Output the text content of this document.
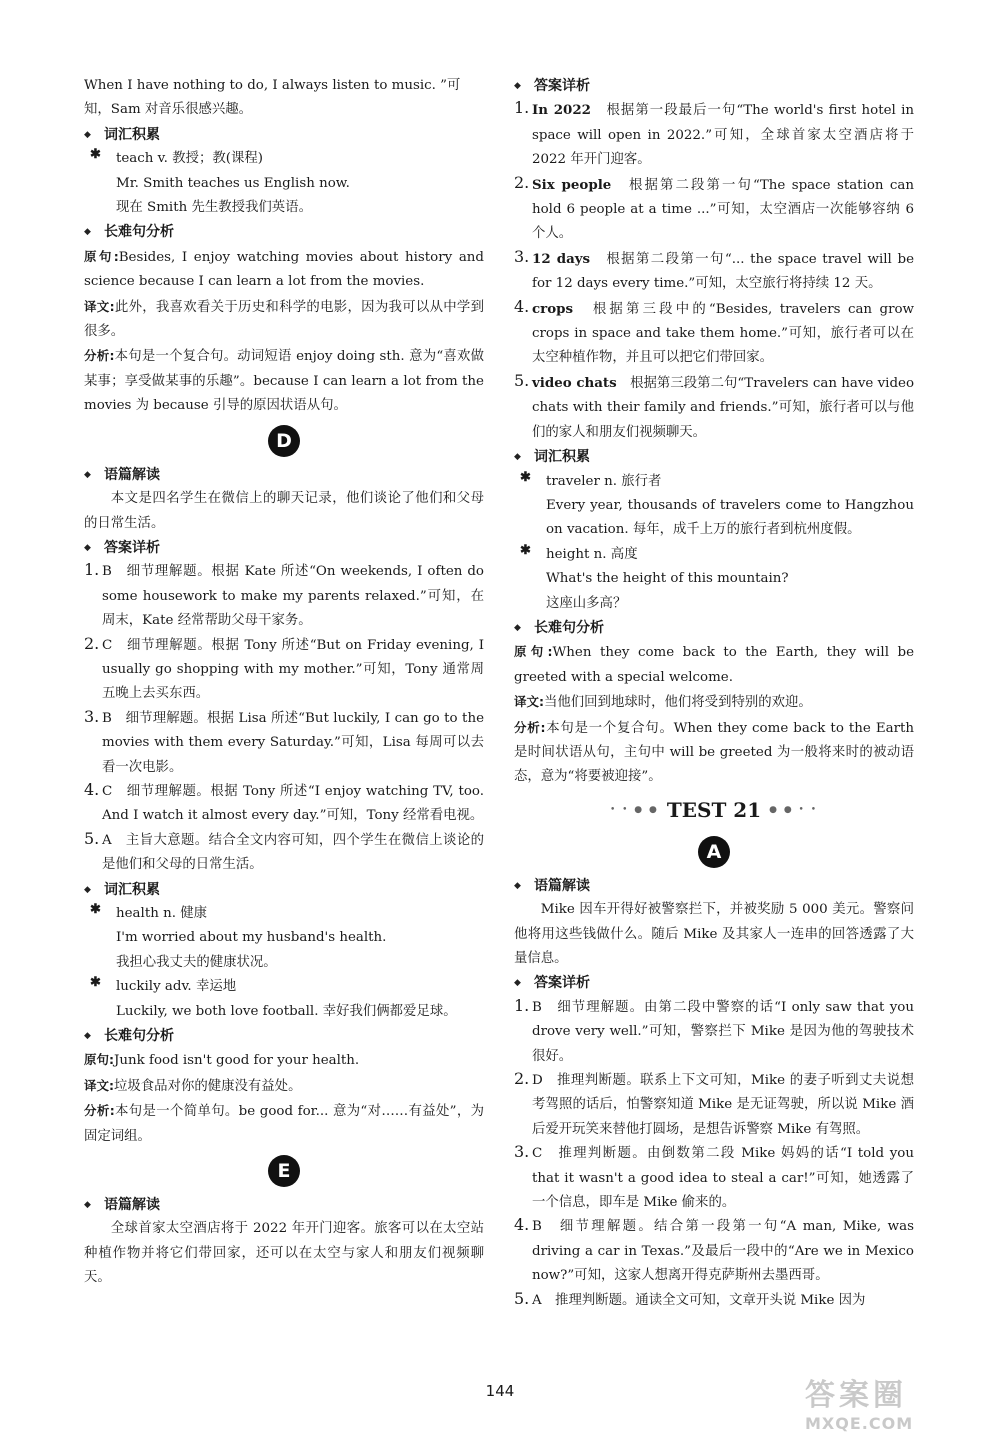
When I have nothing to do, I always listen to music. ”可

知，Sam 对音乐很感兴趣。

◆ 词汇积累
✱	teach v. 教授；教(课程)

Mr. Smith teaches us English now.

现在 Smith 先生教授我们英语。

◆ 长难句分析

原句:Besides, I enjoy watching movies about history and science because I can learn a lot from the movies.

译文:此外，我喜欢看关于历史和科学的电影，因为我可以从中学到很多。

分析:本句是一个复合句。动词短语 enjoy doing sth. 意为“喜欢做某事；享受做某事的乐趣”。because I can learn a lot from the movies 为 because 引导的原因状语从句。

D
◆ 语篇解读

本文是四名学生在微信上的聊天记录，他们谈论了他们和父母的日常生活。

◆ 答案详析
1. B　细节理解题。根据 Kate 所述“On weekends, I often do some housework to make my parents relaxed.”可知，在周末，Kate 经常帮助父母干家务。

2. C　细节理解题。根据 Tony 所述“But on Friday evening, I usually go shopping with my mother.”可知，Tony 通常周五晚上去买东西。

3. B　细节理解题。根据 Lisa 所述“But luckily, I can go to the movies with them every Saturday.”可知，Lisa 每周可以去看一次电影。

4. C　细节理解题。根据 Tony 所述“I enjoy watching TV, too. And I watch it almost every day.”可知，Tony 经常看电视。

5. A　主旨大意题。结合全文内容可知，四个学生在微信上谈论的是他们和父母的日常生活。

◆ 词汇积累
✱	health n. 健康

I'm worried about my husband's health.

我担心我丈夫的健康状况。

✱	luckily adv. 幸运地

Luckily, we both love football. 幸好我们俩都爱足球。

◆ 长难句分析

原句:Junk food isn't good for your health.

译文:垃圾食品对你的健康没有益处。

分析:本句是一个简单句。be good for... 意为“对……有益处”，为固定词组。

E
◆ 语篇解读

全球首家太空酒店将于 2022 年开门迎客。旅客可以在太空站种植作物并将它们带回家，还可以在太空与家人和朋友们视频聊天。

◆ 答案详析
1. In 2022　 根据第一段最后一句“The world's first hotel in space will open in 2022.”可知，全球首家太空酒店将于 2022 年开门迎客。

2. Six people　 根据第二段第一句“The space station can hold 6 people at a time ...”可知，太空酒店一次能够容纳 6 个人。

3. 12 days　 根据第二段第一句“... the space travel will be for 12 days every time.”可知，太空旅行将持续 12 天。

4. crops　 根据第三段中的“Besides, travelers can grow crops in space and take them home.”可知，旅行者可以在太空种植作物，并且可以把它们带回家。

5. video chats　 根据第三段第二句“Travelers can have video chats with their family and friends.”可知，旅行者可以与他们的家人和朋友们视频聊天。

◆ 词汇积累
✱	traveler n. 旅行者

Every year, thousands of travelers come to Hangzhou on vacation. 每年，成千上万的旅行者到杭州度假。

✱	height n. 高度

What's the height of this mountain?

这座山多高？

◆ 长难句分析

原句:When they come back to the Earth, they will be greeted with a special welcome.

译文:当他们回到地球时，他们将受到特别的欢迎。

分析:本句是一个复合句。When they come back to the Earth 是时间状语从句，主句中 will be greeted 为一般将来时的被动语态，意为“将要被迎接”。

• • ● ● TEST 21 ● ● • •
A
◆ 语篇解读

Mike 因车开得好被警察拦下，并被奖励 5 000 美元。警察问他将用这些钱做什么。随后 Mike 及其家人一连串的回答透露了大量信息。

◆ 答案详析
1. B　细节理解题。由第二段中警察的话“I only saw that you drove very well.”可知，警察拦下 Mike 是因为他的驾驶技术很好。

2. D　推理判断题。联系上下文可知，Mike 的妻子听到丈夫说想考驾照的话后，怕警察知道 Mike 是无证驾驶，所以说 Mike 酒后爱开玩笑来替他打圆场，是想告诉警察 Mike 有驾照。

3. C　推理判断题。由倒数第二段 Mike 妈妈的话“I told you that it wasn't a good idea to steal a car!”可知，她透露了一个信息，即车是 Mike 偷来的。

4. B　细节理解题。结合第一段第一句“A man, Mike, was driving a car in Texas.”及最后一段中的“Are we in Mexico now?”可知，这家人想离开得克萨斯州去墨西哥。

5. A　推理判断题。通读全文可知，文章开头说 Mike 因为

144	答案圈
MXQE.COM
